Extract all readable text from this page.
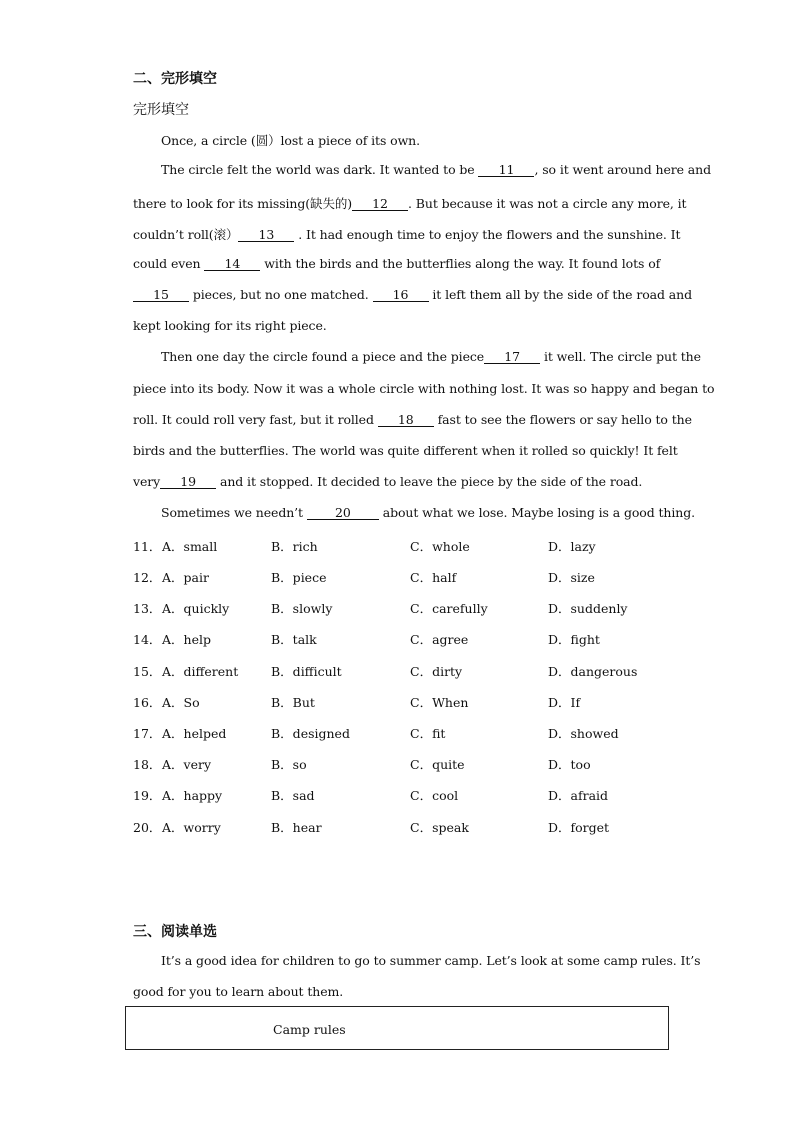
二、完形填空
完形填空
Once, a circle (圆）lost a piece of its own.
The circle felt the world was dark. It wanted to be 11 , so it went around here and
there to look for its missing(缺失的) 12 . But because it was not a circle any more, it
couldn’t roll(滚） 13 . It had enough time to enjoy the flowers and the sunshine. It
could even 14 with the birds and the butterflies along the way. It found lots of
15 pieces, but no one matched. 16 it left them all by the side of the road and
kept looking for its right piece.
Then one day the circle found a piece and the piece 17 it well. The circle put the
piece into its body. Now it was a whole circle with nothing lost. It was so happy and began to
roll. It could roll very fast, but it rolled 18 fast to see the flowers or say hello to the
birds and the butterflies. The world was quite different when it rolled so quickly! It felt
very 19 and it stopped. It decided to leave the piece by the side of the road.
Sometimes we needn’t 20 about what we lose. Maybe losing is a good thing.
11． A．small	B．rich	C．whole	D．lazy
12． A．pair	B．piece	C．half	D．size
13． A．quickly	B．slowly	C．carefully	D．suddenly
14． A．help	B．talk	C．agree	D．fight
15． A．different	B．difficult	C．dirty	D．dangerous
16． A．So	B．But	C．When	D．If
17． A．helped	B．designed	C．fit	D．showed
18． A．very	B．so	C．quite	D．too
19． A．happy	B．sad	C．cool	D．afraid
20． A．worry	B．hear	C．speak	D．forget
三、阅读单选
It’s a good idea for children to go to summer camp. Let’s look at some camp rules. It’s
good for you to learn about them.
Camp rules
